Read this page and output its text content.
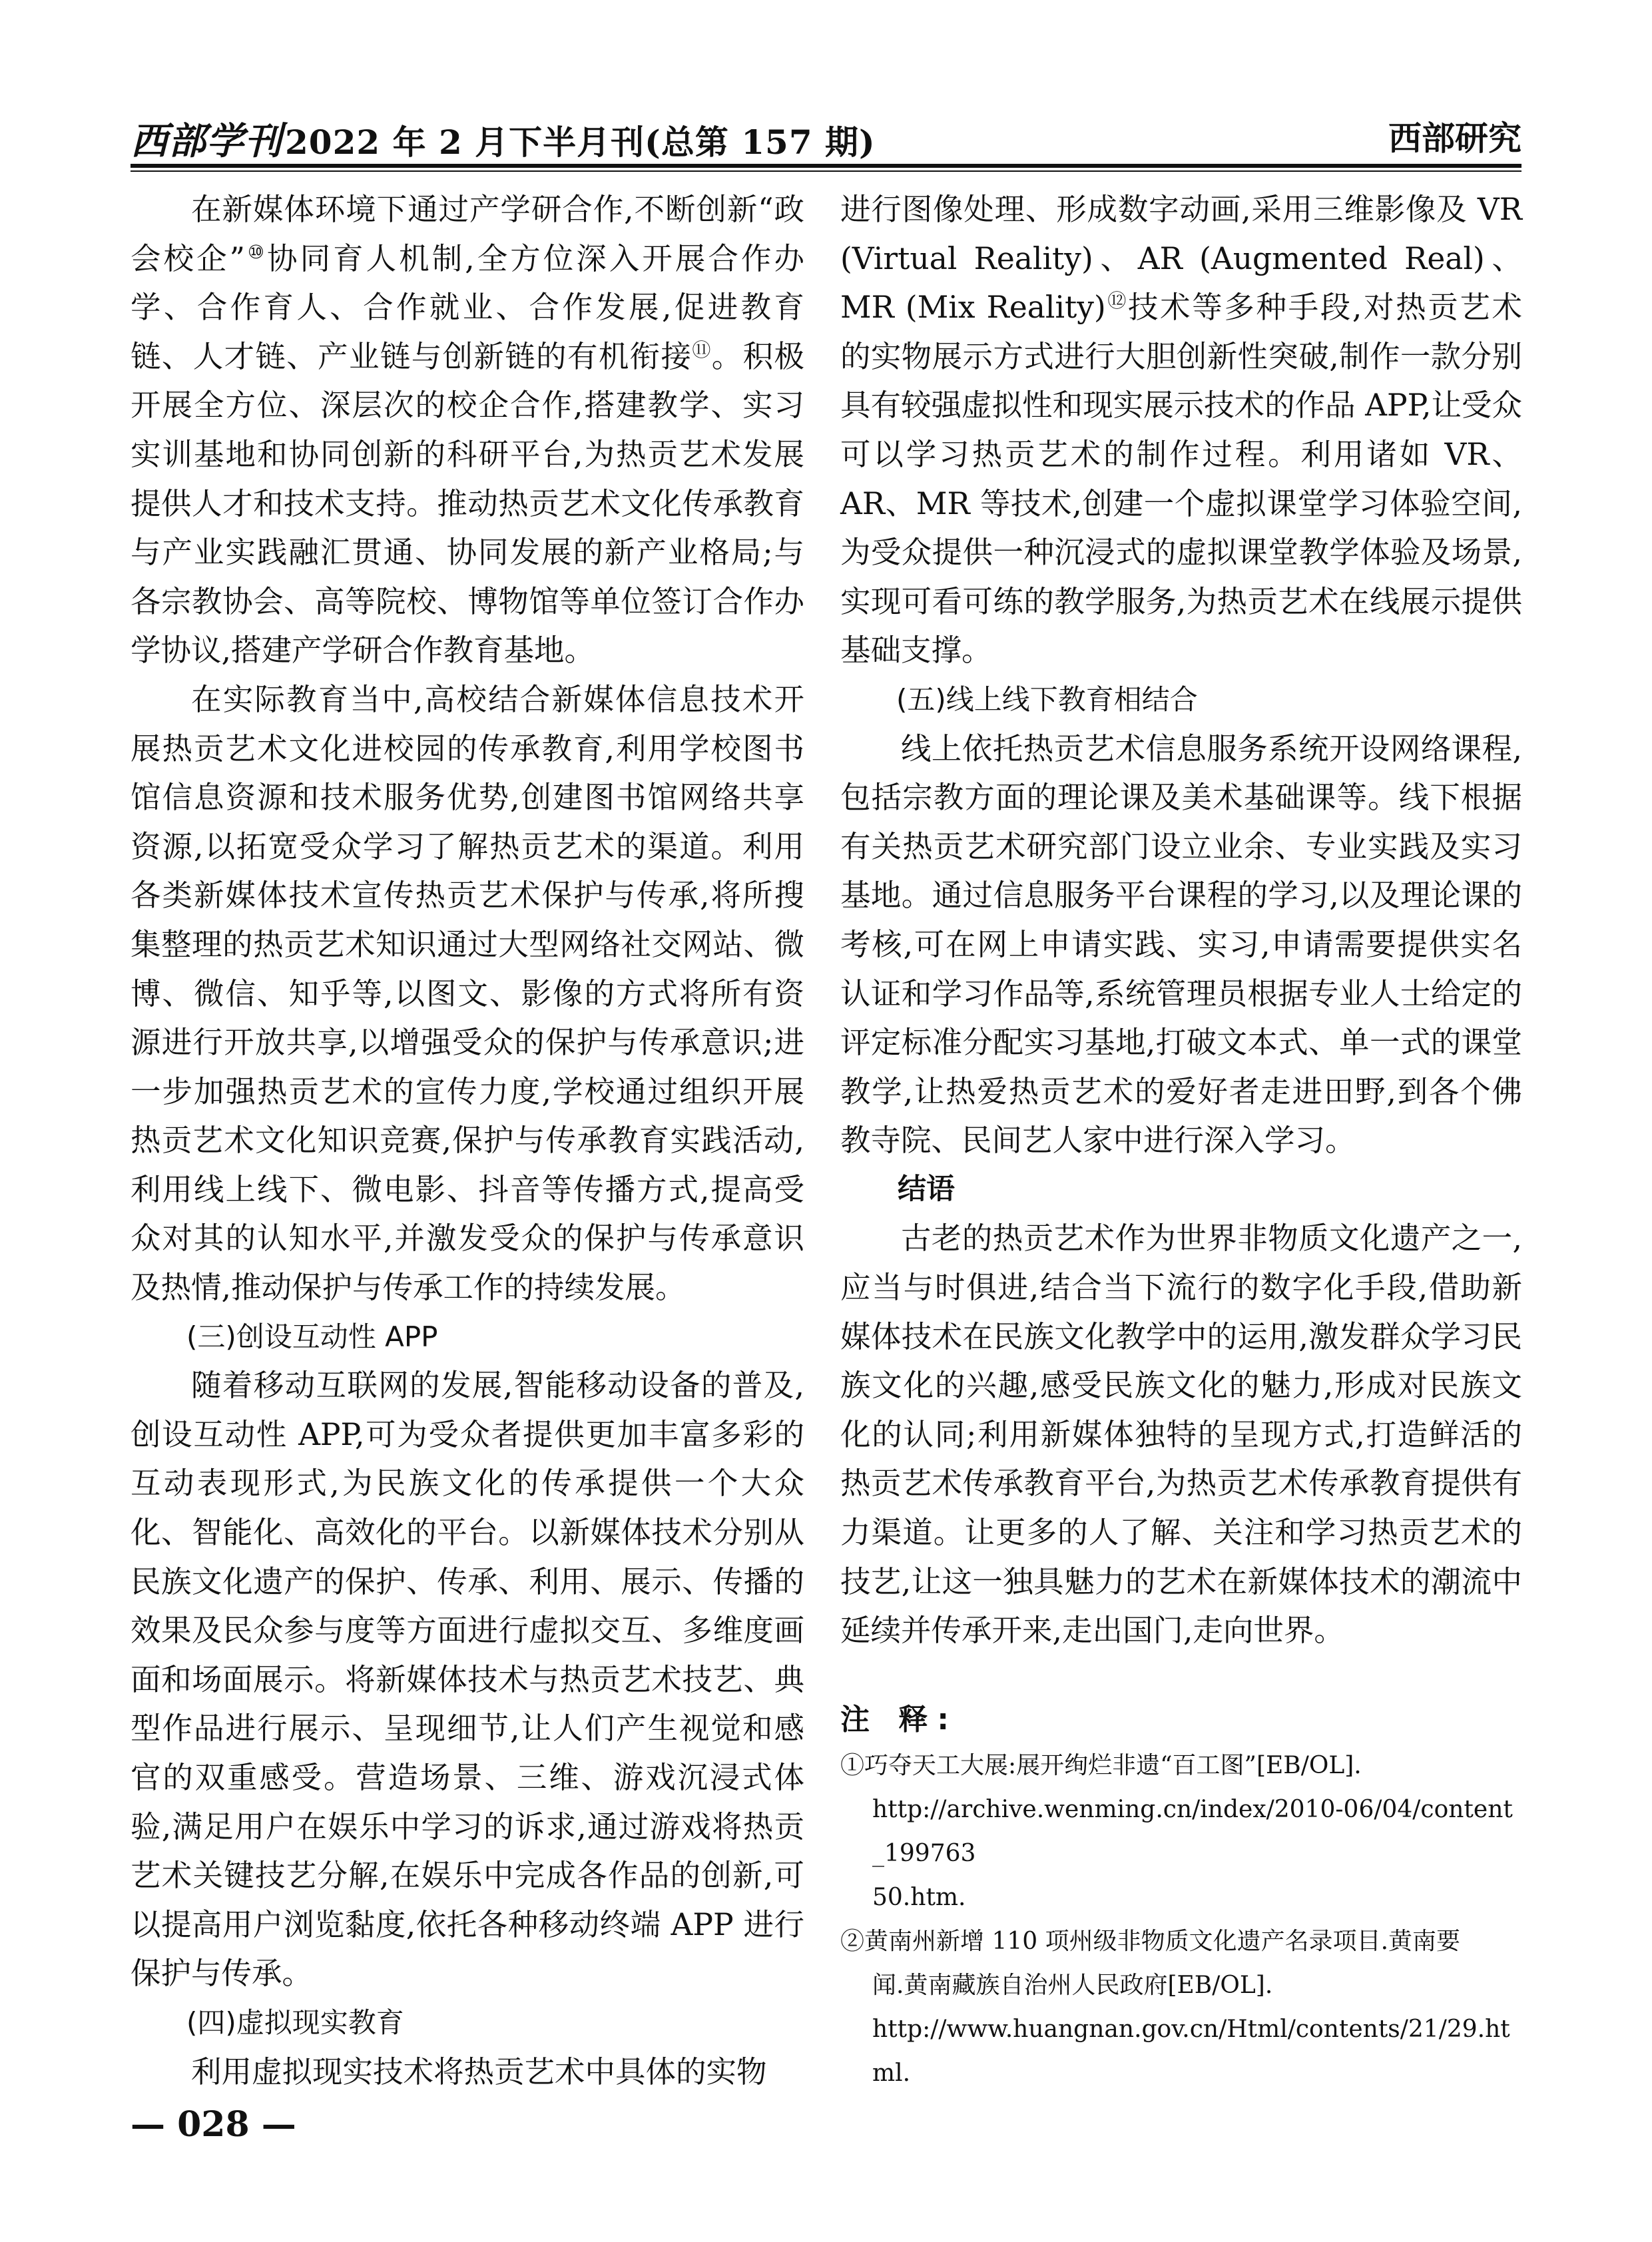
西部学刊2022 年 2 月下半月刊(总第 157 期)	西部研究

在新媒体环境下通过产学研合作,不断创新“政会校企”⑩协同育人机制,全方位深入开展合作办学、合作育人、合作就业、合作发展,促进教育链、人才链、产业链与创新链的有机衔接⑪。积极开展全方位、深层次的校企合作,搭建教学、实习实训基地和协同创新的科研平台,为热贡艺术发展提供人才和技术支持。推动热贡艺术文化传承教育与产业实践融汇贯通、协同发展的新产业格局;与各宗教协会、高等院校、博物馆等单位签订合作办学协议,搭建产学研合作教育基地。

在实际教育当中,高校结合新媒体信息技术开展热贡艺术文化进校园的传承教育,利用学校图书馆信息资源和技术服务优势,创建图书馆网络共享资源,以拓宽受众学习了解热贡艺术的渠道。利用各类新媒体技术宣传热贡艺术保护与传承,将所搜集整理的热贡艺术知识通过大型网络社交网站、微博、微信、知乎等,以图文、影像的方式将所有资源进行开放共享,以增强受众的保护与传承意识;进一步加强热贡艺术的宣传力度,学校通过组织开展热贡艺术文化知识竞赛,保护与传承教育实践活动,利用线上线下、微电影、抖音等传播方式,提高受众对其的认知水平,并激发受众的保护与传承意识及热情,推动保护与传承工作的持续发展。

(三)创设互动性 APP

随着移动互联网的发展,智能移动设备的普及,创设互动性 APP,可为受众者提供更加丰富多彩的互动表现形式,为民族文化的传承提供一个大众化、智能化、高效化的平台。以新媒体技术分别从民族文化遗产的保护、传承、利用、展示、传播的效果及民众参与度等方面进行虚拟交互、多维度画面和场面展示。将新媒体技术与热贡艺术技艺、典型作品进行展示、呈现细节,让人们产生视觉和感官的双重感受。营造场景、三维、游戏沉浸式体验,满足用户在娱乐中学习的诉求,通过游戏将热贡艺术关键技艺分解,在娱乐中完成各作品的创新,可以提高用户浏览黏度,依托各种移动终端 APP 进行保护与传承。

(四)虚拟现实教育

利用虚拟现实技术将热贡艺术中具体的实物

进行图像处理、形成数字动画,采用三维影像及 VR (Virtual Reality)、AR (Augmented Real)、MR (Mix Reality)⑫技术等多种手段,对热贡艺术的实物展示方式进行大胆创新性突破,制作一款分别具有较强虚拟性和现实展示技术的作品 APP,让受众可以学习热贡艺术的制作过程。利用诸如 VR、AR、MR 等技术,创建一个虚拟课堂学习体验空间,为受众提供一种沉浸式的虚拟课堂教学体验及场景,实现可看可练的教学服务,为热贡艺术在线展示提供基础支撑。

(五)线上线下教育相结合

线上依托热贡艺术信息服务系统开设网络课程,包括宗教方面的理论课及美术基础课等。线下根据有关热贡艺术研究部门设立业余、专业实践及实习基地。通过信息服务平台课程的学习,以及理论课的考核,可在网上申请实践、实习,申请需要提供实名认证和学习作品等,系统管理员根据专业人士给定的评定标准分配实习基地,打破文本式、单一式的课堂教学,让热爱热贡艺术的爱好者走进田野,到各个佛教寺院、民间艺人家中进行深入学习。

结语

古老的热贡艺术作为世界非物质文化遗产之一,应当与时俱进,结合当下流行的数字化手段,借助新媒体技术在民族文化教学中的运用,激发群众学习民族文化的兴趣,感受民族文化的魅力,形成对民族文化的认同;利用新媒体独特的呈现方式,打造鲜活的热贡艺术传承教育平台,为热贡艺术传承教育提供有力渠道。让更多的人了解、关注和学习热贡艺术的技艺,让这一独具魅力的艺术在新媒体技术的潮流中延续并传承开来,走出国门,走向世界。

注 释:

①巧夺天工大展:展开绚烂非遗“百工图”[EB/OL].
http://archive.wenming.cn/index/2010-06/04/content_199763
50.htm.

②黄南州新增 110 项州级非物质文化遗产名录项目.黄南要
闻.黄南藏族自治州人民政府[EB/OL].
http://www.huangnan.gov.cn/Html/contents/21/29.html.

— 028 —
